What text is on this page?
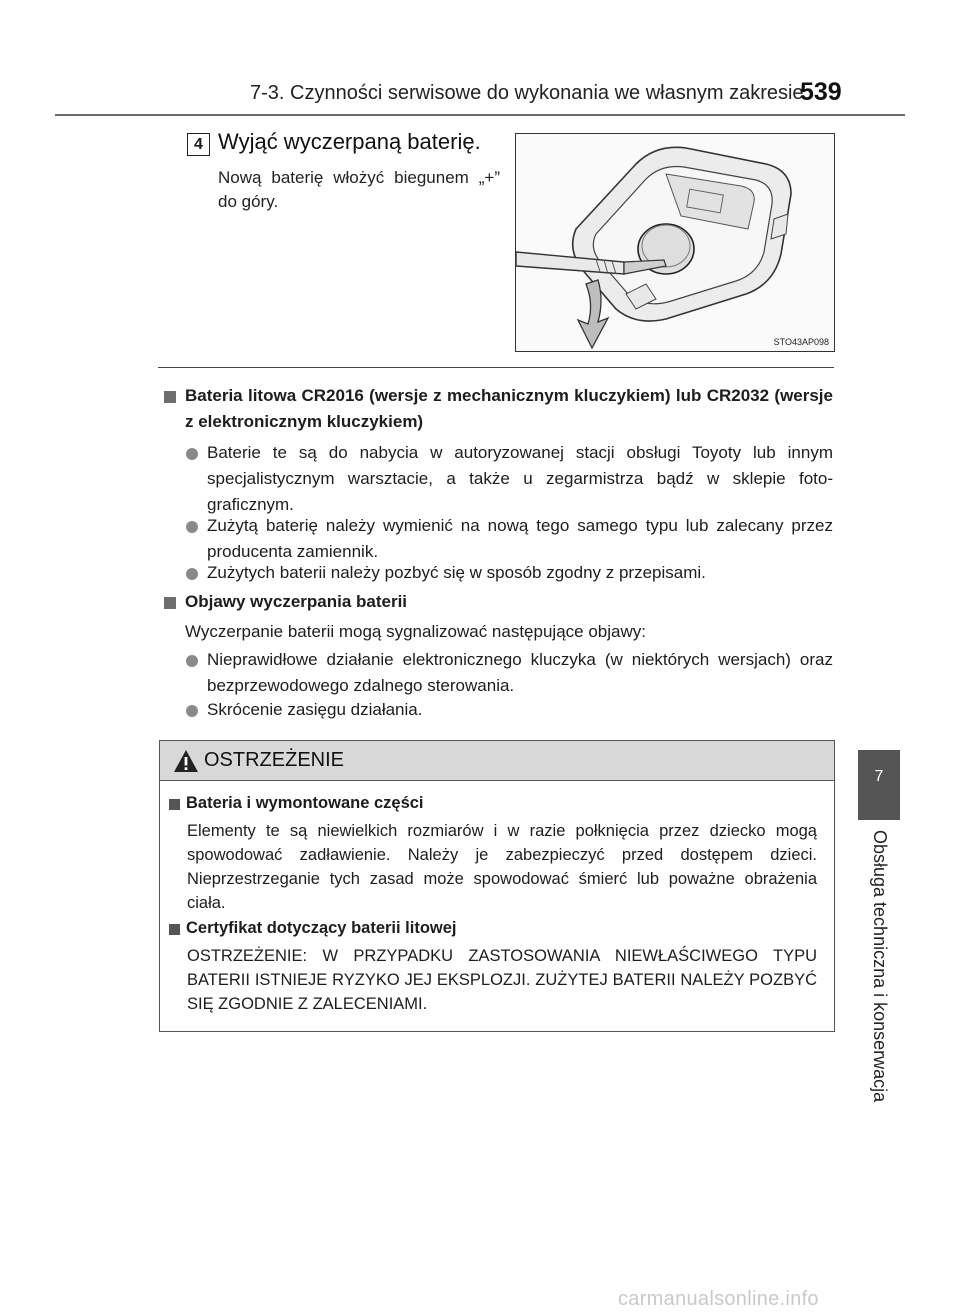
7-3. Czynności serwisowe do wykonania we własnym zakresie
539
4 Wyjąć wyczerpaną baterię.
Nową baterię włożyć biegunem „+” do góry.
STO43AP098
Bateria litowa CR2016 (wersje z mechanicznym kluczykiem) lub CR2032 (wersje z elektronicznym kluczykiem)
Baterie te są do nabycia w autoryzowanej stacji obsługi Toyoty lub innym specjalistycznym warsztacie, a także u zegarmistrza bądź w sklepie foto-graficznym.
Zużytą baterię należy wymienić na nową tego samego typu lub zalecany przez producenta zamiennik.
Zużytych baterii należy pozbyć się w sposób zgodny z przepisami.
Objawy wyczerpania baterii
Wyczerpanie baterii mogą sygnalizować następujące objawy:
Nieprawidłowe działanie elektronicznego kluczyka (w niektórych wersjach) oraz bezprzewodowego zdalnego sterowania.
Skrócenie zasięgu działania.
OSTRZEŻENIE
Bateria i wymontowane części
Elementy te są niewielkich rozmiarów i w razie połknięcia przez dziecko mogą spowodować zadławienie. Należy je zabezpieczyć przed dostępem dzieci. Nieprzestrzeganie tych zasad może spowodować śmierć lub poważne obrażenia ciała.
Certyfikat dotyczący baterii litowej
OSTRZEŻENIE: W PRZYPADKU ZASTOSOWANIA NIEWŁAŚCIWEGO TYPU BATERII ISTNIEJE RYZYKO JEJ EKSPLOZJI. ZUŻYTEJ BATERII NALEŻY POZBYĆ SIĘ ZGODNIE Z ZALECENIAMI.
7
Obsługa techniczna i konserwacja
carmanualsonline.info
